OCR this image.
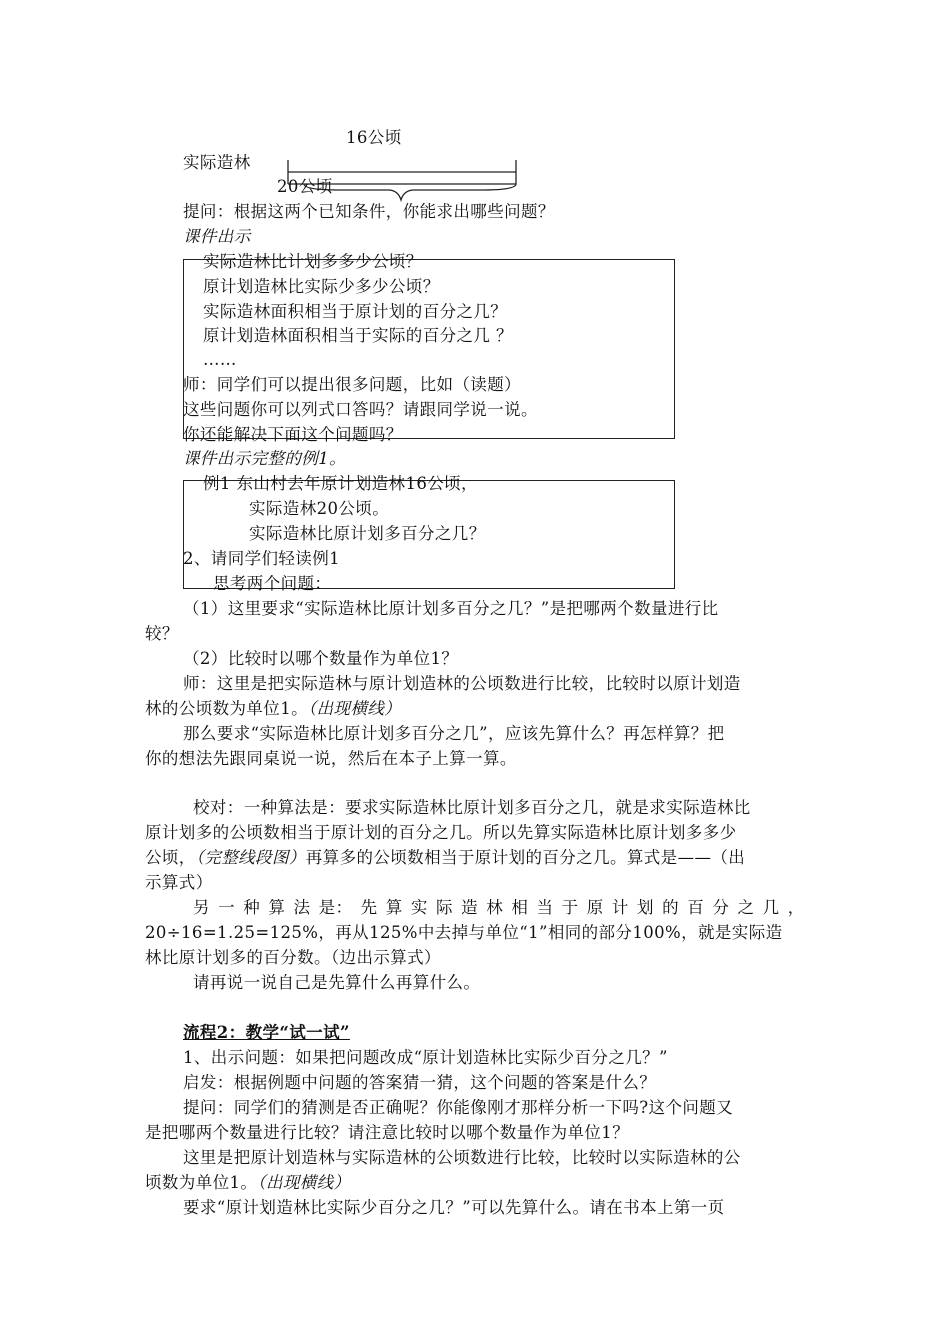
16公顷
实际造林
20公顷
提问：根据这两个已知条件，你能求出哪些问题？
课件出示
实际造林比计划多多少公顷？
原计划造林比实际少多少公顷？
实际造林面积相当于原计划的百分之几？
原计划造林面积相当于实际的百分之几 ？
……
师：同学们可以提出很多问题，比如（读题）
这些问题你可以列式口答吗？请跟同学说一说。
你还能解决下面这个问题吗？
课件出示完整的例1。
例1 东山村去年原计划造林16公顷，
实际造林20公顷。
实际造林比原计划多百分之几？
2、请同学们轻读例1
思考两个问题：
（1）这里要求“实际造林比原计划多百分之几？”是把哪两个数量进行比
较？
（2）比较时以哪个数量作为单位1？
师：这里是把实际造林与原计划造林的公顷数进行比较，比较时以原计划造
林的公顷数为单位1。（出现横线）
那么要求“实际造林比原计划多百分之几”，应该先算什么？再怎样算？把
你的想法先跟同桌说一说，然后在本子上算一算。
校对：一种算法是：要求实际造林比原计划多百分之几，就是求实际造林比
原计划多的公顷数相当于原计划的百分之几。所以先算实际造林比原计划多多少
公顷，（完整线段图）再算多的公顷数相当于原计划的百分之几。算式是——（出
示算式）
另 一 种 算 法 是： 先 算 实 际 造 林 相 当 于 原 计 划 的 百 分 之 几 ，
20÷16=1.25=125%，再从125%中去掉与单位“1”相同的部分100%，就是实际造
林比原计划多的百分数。（边出示算式）
请再说一说自己是先算什么再算什么。
流程2：教学“试一试”
1、出示问题：如果把问题改成“原计划造林比实际少百分之几？”
启发：根据例题中问题的答案猜一猜，这个问题的答案是什么？
提问：同学们的猜测是否正确呢？你能像刚才那样分析一下吗?这个问题又
是把哪两个数量进行比较？请注意比较时以哪个数量作为单位1？
这里是把原计划造林与实际造林的公顷数进行比较，比较时以实际造林的公
顷数为单位1。（出现横线）
要求“原计划造林比实际少百分之几？”可以先算什么。请在书本上第一页
